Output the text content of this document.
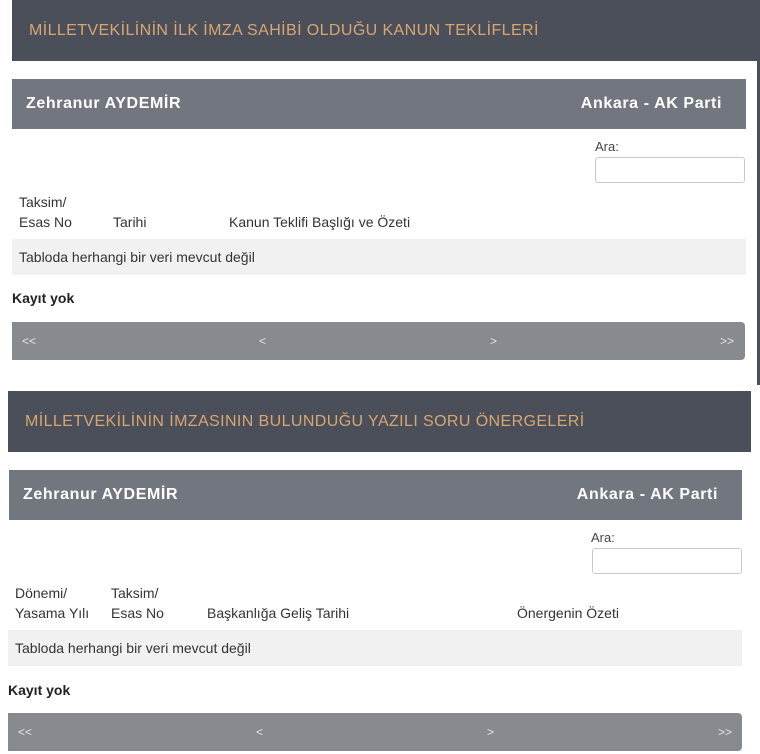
MİLLETVEKİLİNİN İLK İMZA SAHİBİ OLDUĞU KANUN TEKLİFLERİ
Zehranur AYDEMİR	Ankara - AK Parti
Ara:
Taksim/
Esas No	Tarihi	Kanun Teklifi Başlığı ve Özeti
Tabloda herhangi bir veri mevcut değil
Kayıt yok
<<	<	>	>>
MİLLETVEKİLİNİN İMZASININ BULUNDUĞU YAZILI SORU ÖNERGELERİ
Zehranur AYDEMİR	Ankara - AK Parti
Ara:
Dönemi/
Yasama Yılı
Taksim/
Esas No	Başkanlığa Geliş Tarihi	Önergenin Özeti
Tabloda herhangi bir veri mevcut değil
Kayıt yok
<<	<	>	>>
